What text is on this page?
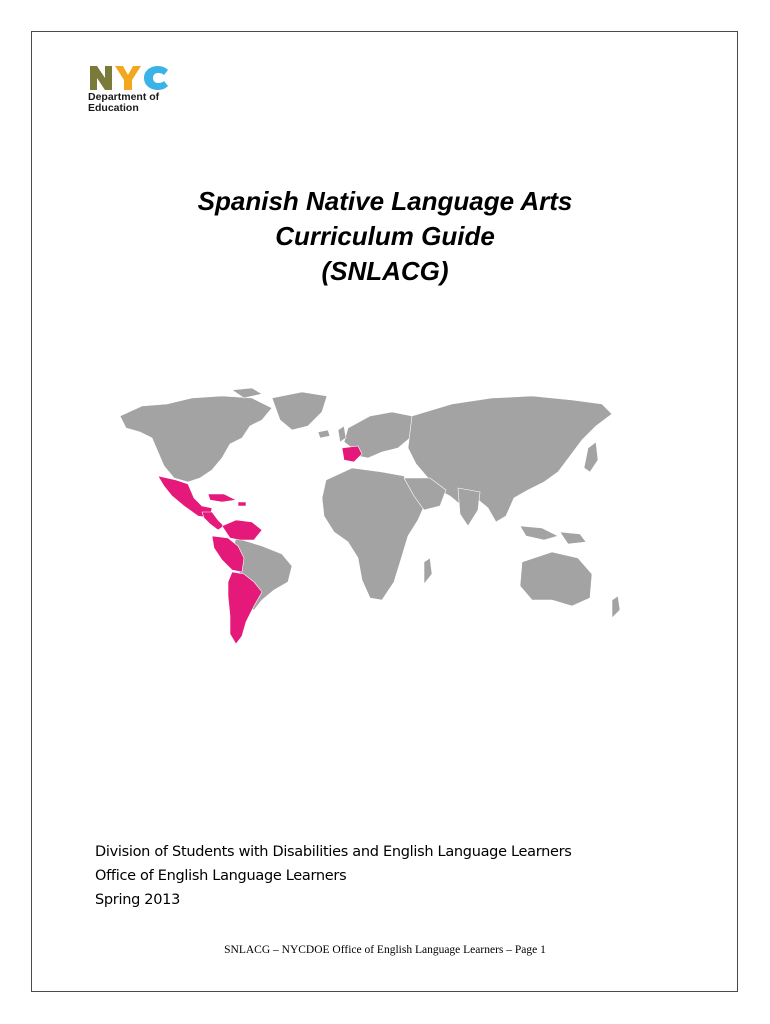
Department of
Education
Spanish Native Language Arts
Curriculum Guide
(SNLACG)
Division of Students with Disabilities and English Language Learners
Office of English Language Learners
Spring 2013
SNLACG – NYCDOE Office of English Language Learners – Page 1
